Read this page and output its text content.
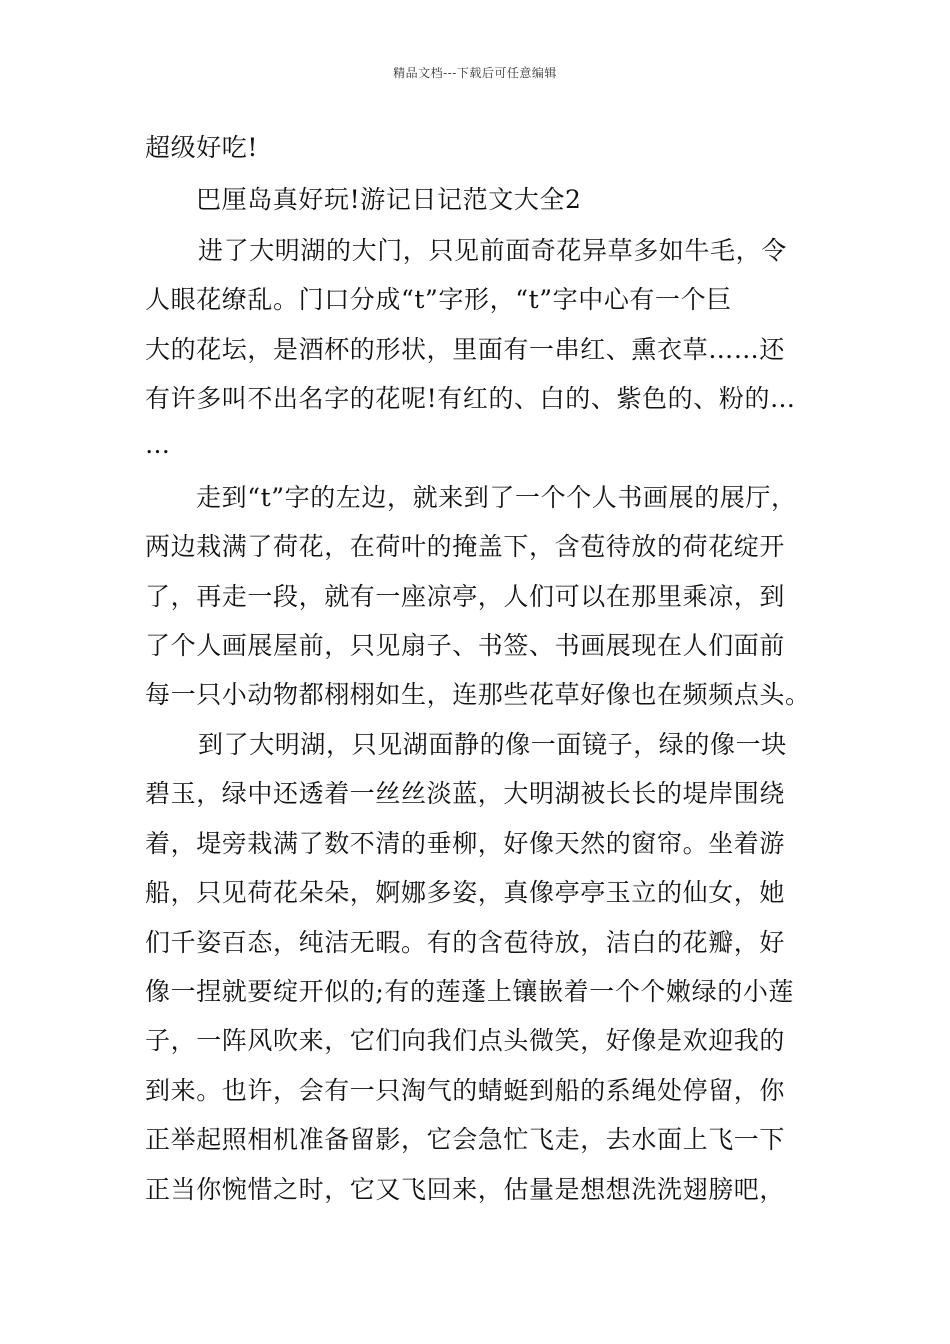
精品文档---下载后可任意编辑
超级好吃!
巴厘岛真好玩!游记日记范文大全2
进了大明湖的大门，只见前面奇花异草多如牛毛，令
人眼花缭乱。门口分成“t”字形，“t”字中心有一个巨
大的花坛，是酒杯的形状，里面有一串红、熏衣草……还
有许多叫不出名字的花呢!有红的、白的、紫色的、粉的…
…
走到“t”字的左边，就来到了一个个人书画展的展厅，
两边栽满了荷花，在荷叶的掩盖下，含苞待放的荷花绽开
了，再走一段，就有一座凉亭，人们可以在那里乘凉，到
了个人画展屋前，只见扇子、书签、书画展现在人们面前
每一只小动物都栩栩如生，连那些花草好像也在频频点头。
到了大明湖，只见湖面静的像一面镜子，绿的像一块
碧玉，绿中还透着一丝丝淡蓝，大明湖被长长的堤岸围绕
着，堤旁栽满了数不清的垂柳，好像天然的窗帘。坐着游
船，只见荷花朵朵，婀娜多姿，真像亭亭玉立的仙女，她
们千姿百态，纯洁无暇。有的含苞待放，洁白的花瓣，好
像一捏就要绽开似的;有的莲蓬上镶嵌着一个个嫩绿的小莲
子，一阵风吹来，它们向我们点头微笑，好像是欢迎我的
到来。也许，会有一只淘气的蜻蜓到船的系绳处停留，你
正举起照相机准备留影，它会急忙飞走，去水面上飞一下
正当你惋惜之时，它又飞回来，估量是想想洗洗翅膀吧，
